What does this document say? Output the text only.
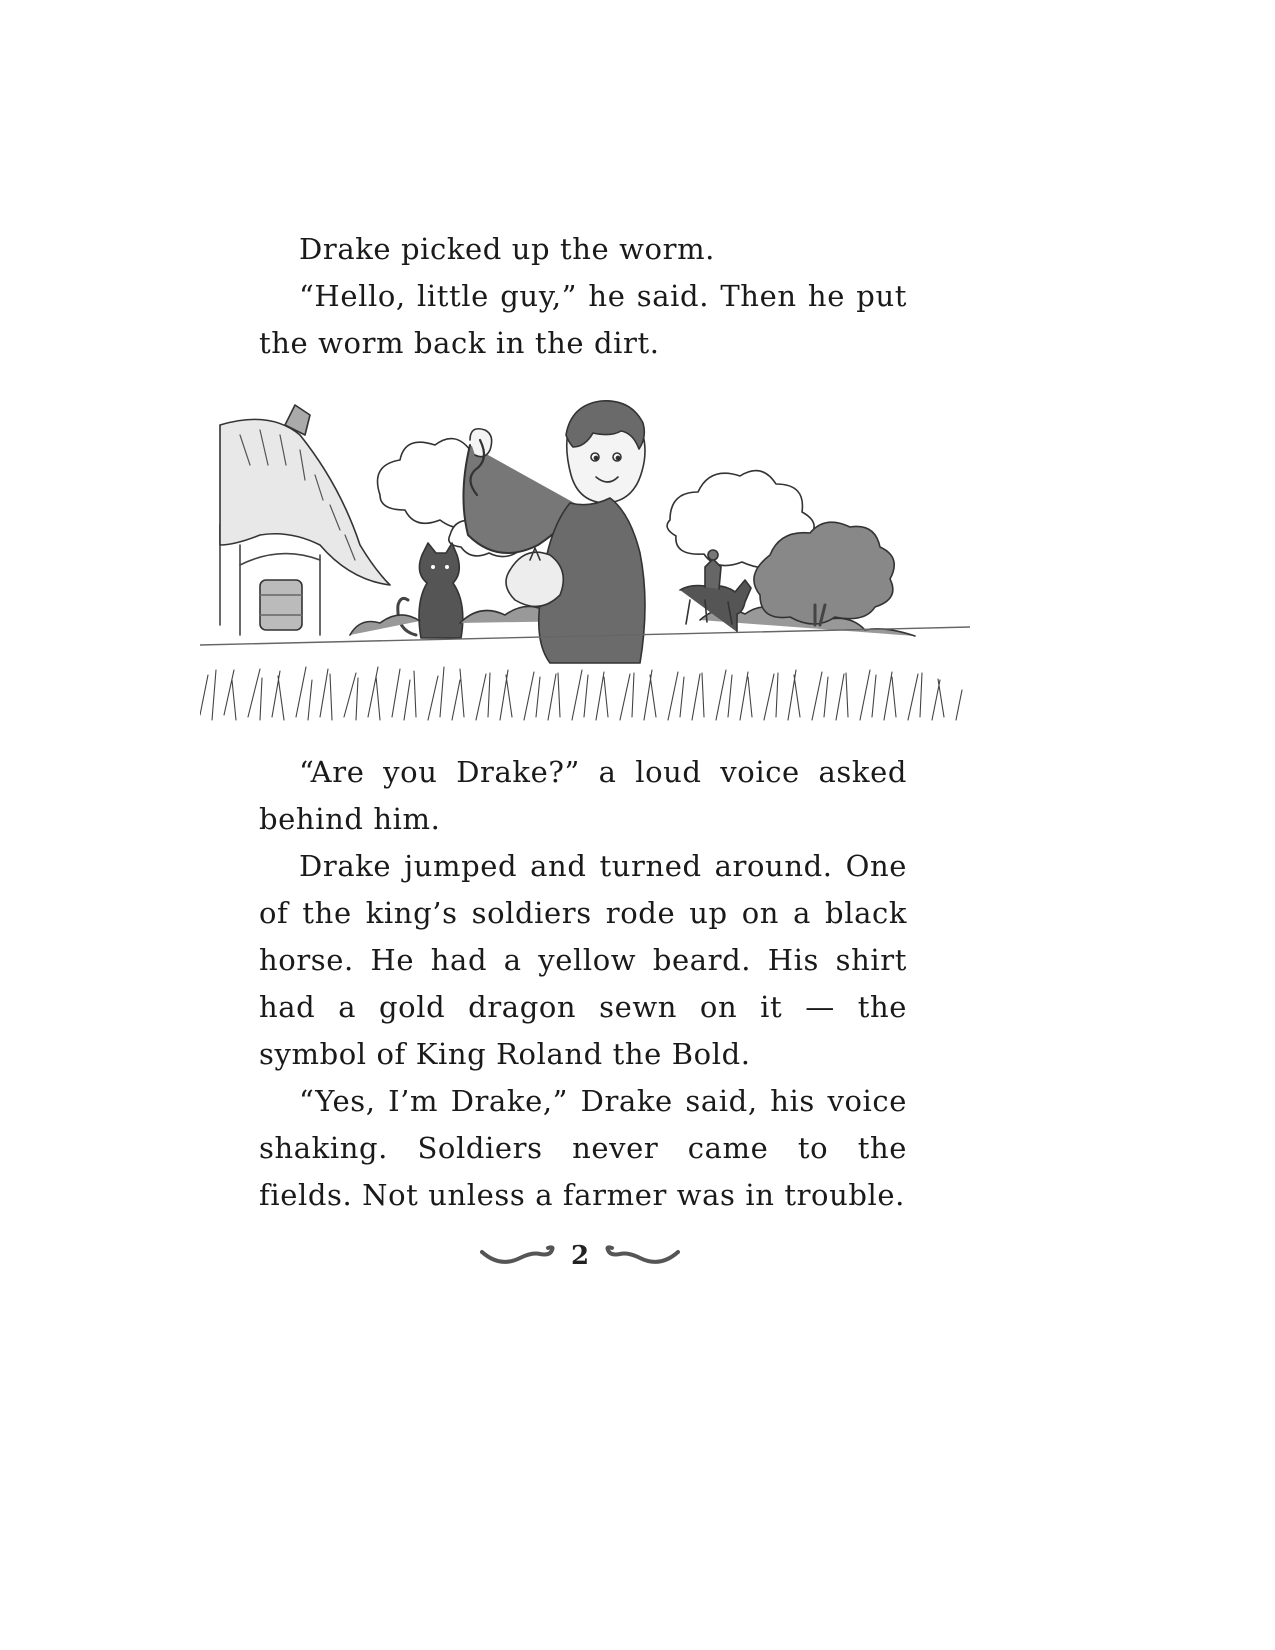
Drake picked up the worm.

“Hello, little guy,” he said. Then he put the worm back in the dirt.

“Are you Drake?” a loud voice asked behind him.

Drake jumped and turned around. One of the king’s soldiers rode up on a black horse. He had a yellow beard. His shirt had a gold dragon sewn on it — the symbol of King Roland the Bold.

“Yes, I’m Drake,” Drake said, his voice shaking. Soldiers never came to the fields. Not unless a farmer was in trouble.

2
